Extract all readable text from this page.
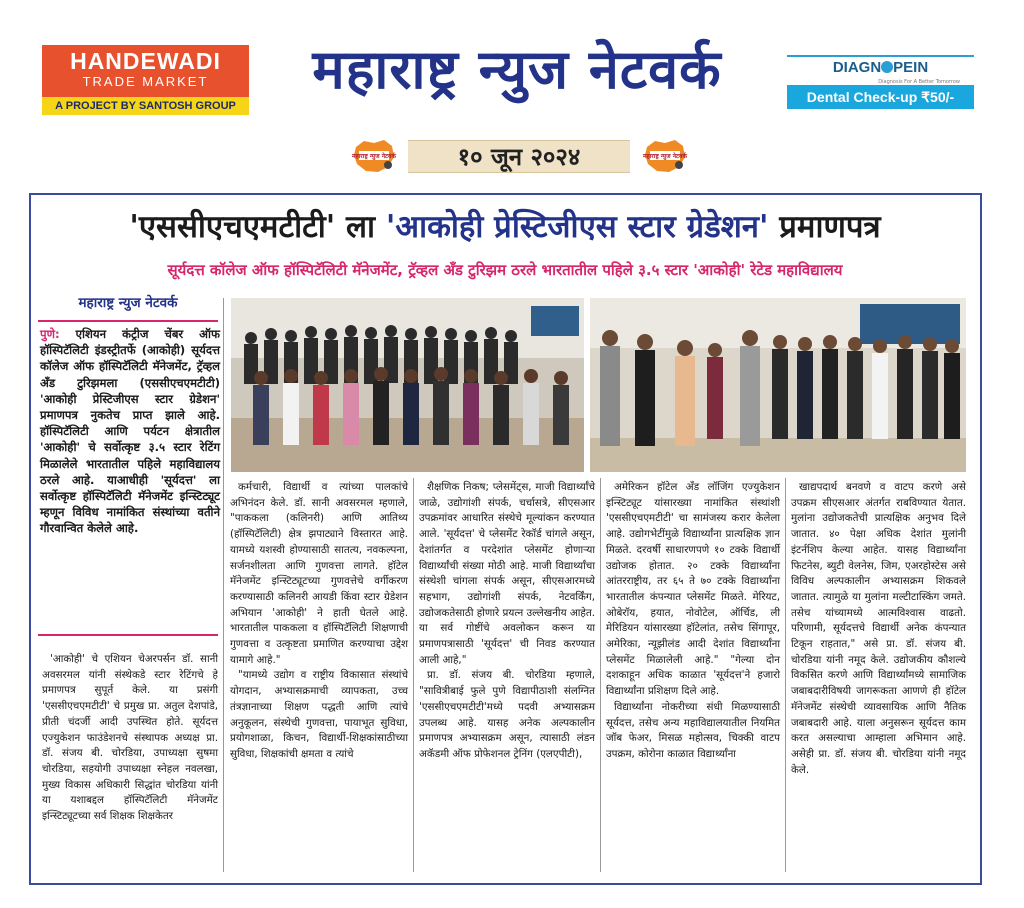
HANDEWADI
TRADE MARKET
A PROJECT BY SANTOSH GROUP
महाराष्ट्र न्युज नेटवर्क	DIAGN PEIN
Diagnosis For A Better Tomorrow
Dental Check-up ₹50/-
महाराष्ट्र न्युज नेटवर्क	१० जून २०२४	महाराष्ट्र न्युज नेटवर्क
'एससीएचएमटीटी' ला 'आकोही प्रेस्टिजीएस स्टार ग्रेडेशन' प्रमाणपत्र
सूर्यदत्त कॉलेज ऑफ हॉस्पिटॅलिटी मॅनेजमेंट, ट्रॅव्हल अँड टुरिझम ठरले भारतातील पहिले ३.५ स्टार 'आकोही' रेटेड महाविद्यालय
महाराष्ट्र न्युज नेटवर्क
पुणे: एशियन कंट्रीज चेंबर ऑफ हॉस्पिटॅलिटी इंडस्ट्रीतर्फे (आकोही) सूर्यदत्त कॉलेज ऑफ हॉस्पिटॅलिटी मॅनेजमेंट, ट्रॅव्हल अँड टुरिझमला (एससीएचएमटीटी) 'आकोही प्रेस्टिजीएस स्टार ग्रेडेशन' प्रमाणपत्र नुकतेच प्राप्त झाले आहे. हॉस्पिटॅलिटी आणि पर्यटन क्षेत्रातील 'आकोही' चे सर्वोत्कृष्ट ३.५ स्टार रेटिंग मिळालेले भारतातील पहिले महाविद्यालय ठरले आहे. याआधीही 'सूर्यदत्त' ला सर्वोत्कृष्ट हॉस्पिटॅलिटी मॅनेजमेंट इन्स्टिट्यूट म्हणून विविध नामांकित संस्थांच्या वतीने गौरवान्वित केलेले आहे.

'आकोही' चे एशियन चेअरपर्सन डॉ. सानी अवसरमल यांनी संस्थेकडे स्टार रेटिंगचे हे प्रमाणपत्र सुपूर्त केले. या प्रसंगी 'एससीएचएमटीटी' चे प्रमुख प्रा. अतुल देशपांडे, प्रीती चंदर्जी आदी उपस्थित होते. सूर्यदत्त एज्युकेशन फाउंडेशनचे संस्थापक अध्यक्ष प्रा. डॉ. संजय बी. चोरडिया, उपाध्यक्षा सुषमा चोरडिया, सहयोगी उपाध्यक्षा स्नेहल नवलखा, मुख्य विकास अधिकारी सिद्धांत चोरडिया यांनी या यशाबद्दल हॉस्पिटॅलिटी मॅनेजमेंट इन्स्टिट्यूटच्या सर्व शिक्षक शिक्षकेतर

कर्मचारी, विद्यार्थी व त्यांच्या पालकांचे अभिनंदन केले. डॉ. सानी अवसरमल म्हणाले, "पाककला (कलिनरी) आणि आतिथ्य (हॉस्पिटॅलिटी) क्षेत्र झपाट्याने विस्तारत आहे. यामध्ये यशस्वी होण्यासाठी सातत्य, नवकल्पना, सर्जनशीलता आणि गुणवत्ता लागते. हॉटेल मॅनेजमेंट इन्स्टिट्यूटच्या गुणवत्तेचे वर्गीकरण करण्यासाठी कलिनरी आयडी किंवा स्टार ग्रेडेशन अभियान 'आकोही' ने हाती घेतले आहे. भारतातील पाककला व हॉस्पिटॅलिटी शिक्षणाची गुणवत्ता व उत्कृष्टता प्रमाणित करण्याचा उद्देश यामागे आहे."

"यामध्ये उद्योग व राष्ट्रीय विकासात संस्थांचे योगदान, अभ्यासक्रमाची व्यापकता, उच्च तंत्रज्ञानाच्या शिक्षण पद्धती आणि त्यांचे अनुकूलन, संस्थेची गुणवत्ता, पायाभूत सुविधा, प्रयोगशाळा, किचन, विद्यार्थी-शिक्षकांसाठीच्या सुविधा, शिक्षकांची क्षमता व त्यांचे

शैक्षणिक निकष; प्लेसमेंट्स, माजी विद्यार्थ्यांचे जाळे, उद्योगांशी संपर्क, चर्चासत्रे, सीएसआर उपक्रमांवर आधारित संस्थेचे मूल्यांकन करण्यात आले. 'सूर्यदत्त' चे प्लेसमेंट रेकॉर्ड चांगले असून, देशांतर्गत व परदेशांत प्लेसमेंट होणाऱ्या विद्यार्थ्यांची संख्या मोठी आहे. माजी विद्यार्थ्यांचा संस्थेशी चांगला संपर्क असून, सीएसआरमध्ये सहभाग, उद्योगांशी संपर्क, नेटवर्किंग, उद्योजकतेसाठी होणारे प्रयत्न उल्लेखनीय आहेत. या सर्व गोष्टींचे अवलोकन करून या प्रमाणपत्रासाठी 'सूर्यदत्त' ची निवड करण्यात आली आहे,"

प्रा. डॉ. संजय बी. चोरडिया म्हणाले, "सावित्रीबाई फुले पुणे विद्यापीठाशी संलग्नित 'एससीएचएमटीटी'मध्ये पदवी अभ्यासक्रम उपलब्ध आहे. यासह अनेक अल्पकालीन प्रमाणपत्र अभ्यासक्रम असून, त्यासाठी लंडन अकॅडमी ऑफ प्रोफेशनल ट्रेनिंग (एलएपीटी),

अमेरिकन हॉटेल अँड लॉजिंग एज्युकेशन इन्स्टिट्यूट यांसारख्या नामांकित संस्थांशी 'एससीएचएमटीटी' चा सामंजस्य करार केलेला आहे. उद्योगभेटींमुळे विद्यार्थ्यांना प्रात्यक्षिक ज्ञान मिळते. दरवर्षी साधारणपणे १० टक्के विद्यार्थी उद्योजक होतात. २० टक्के विद्यार्थ्यांना आंतरराष्ट्रीय, तर ६५ ते ७० टक्के विद्यार्थ्यांना भारतातील कंपन्यात प्लेसमेंट मिळते. मेरियट, ओबेरॉय, हयात, नोवोटेल, ऑर्चिड, ली मेरिडियन यांसारख्या हॉटेलांत, तसेच सिंगापूर, अमेरिका, न्यूझीलंड आदी देशांत विद्यार्थ्यांना प्लेसमेंट मिळालेली आहे." "गेल्या दोन दशकाहून अधिक काळात 'सूर्यदत्त'ने हजारो विद्यार्थ्यांना प्रशिक्षण दिले आहे.

विद्यार्थ्यांना नोकरीच्या संधी मिळण्यासाठी सूर्यदत्त, तसेच अन्य महाविद्यालयातील नियमित जॉब फेअर, मिसळ महोत्सव, चिक्की वाटप उपक्रम, कोरोना काळात विद्यार्थ्यांना

खाद्यपदार्थ बनवणे व वाटप करणे असे उपक्रम सीएसआर अंतर्गत राबविण्यात येतात. मुलांना उद्योजकतेची प्रात्यक्षिक अनुभव दिले जातात. ४० पेक्षा अधिक देशांत मुलांनी इंटर्नशिप केल्या आहेत. यासह विद्यार्थ्यांना फिटनेस, ब्युटी वेलनेस, जिम, एअरहोस्टेस असे विविध अल्पकालीन अभ्यासक्रम शिकवले जातात. त्यामुळे या मुलांना मल्टीटास्किंग जमते. तसेच यांच्यामध्ये आत्मविश्वास वाढतो. परिणामी, सूर्यदत्तचे विद्यार्थी अनेक कंपन्यात टिकून राहतात," असे प्रा. डॉ. संजय बी. चोरडिया यांनी नमूद केले. उद्योजकीय कौशल्ये विकसित करणे आणि विद्यार्थ्यांमध्ये सामाजिक जबाबदारीविषयी जागरूकता आणणे ही हॉटेल मॅनेजमेंट संस्थेची व्यावसायिक आणि नैतिक जबाबदारी आहे. याला अनुसरून सूर्यदत्त काम करत असल्याचा आम्हाला अभिमान आहे. असेही प्रा. डॉ. संजय बी. चोरडिया यांनी नमूद केले.
